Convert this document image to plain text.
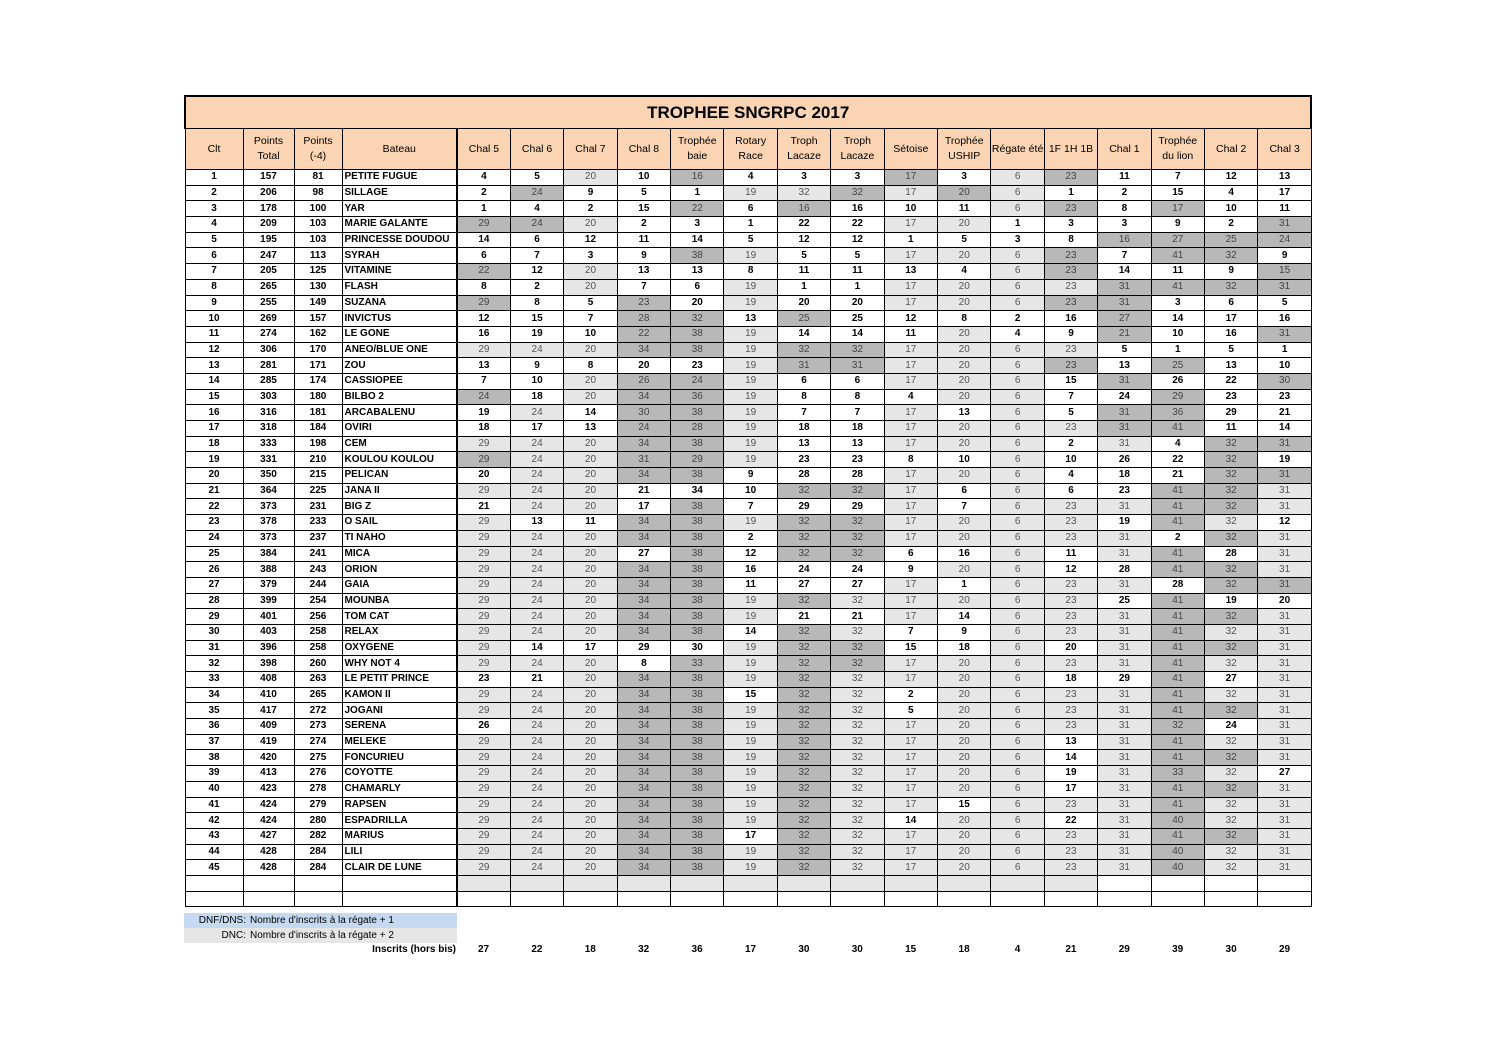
TROPHEE SNGRPC 2017																			
Clt	Points Total	Points (-4)	Bateau	Chal 5	Chal 6	Chal 7	Chal 8	Trophée baie	Rotary Race	Troph Lacaze	Troph Lacaze	Sétoise	Trophée USHIP	Régate été	1F 1H 1B	Chal 1	Trophée du lion	Chal 2	Chal 3
1	157	81	PETITE FUGUE	4	5	20	10	16	4	3	3	17	3	6	23	11	7	12	13
2	206	98	SILLAGE	2	24	9	5	1	19	32	32	17	20	6	1	2	15	4	17
3	178	100	YAR	1	4	2	15	22	6	16	16	10	11	6	23	8	17	10	11
4	209	103	MARIE GALANTE	29	24	20	2	3	1	22	22	17	20	1	3	3	9	2	31
5	195	103	PRINCESSE DOUDOU	14	6	12	11	14	5	12	12	1	5	3	8	16	27	25	24
6	247	113	SYRAH	6	7	3	9	38	19	5	5	17	20	6	23	7	41	32	9
7	205	125	VITAMINE	22	12	20	13	13	8	11	11	13	4	6	23	14	11	9	15
8	265	130	FLASH	8	2	20	7	6	19	1	1	17	20	6	23	31	41	32	31
9	255	149	SUZANA	29	8	5	23	20	19	20	20	17	20	6	23	31	3	6	5
10	269	157	INVICTUS	12	15	7	28	32	13	25	25	12	8	2	16	27	14	17	16
11	274	162	LE GONE	16	19	10	22	38	19	14	14	11	20	4	9	21	10	16	31
12	306	170	ANEO/BLUE ONE	29	24	20	34	38	19	32	32	17	20	6	23	5	1	5	1
13	281	171	ZOU	13	9	8	20	23	19	31	31	17	20	6	23	13	25	13	10
14	285	174	CASSIOPEE	7	10	20	26	24	19	6	6	17	20	6	15	31	26	22	30
15	303	180	BILBO 2	24	18	20	34	36	19	8	8	4	20	6	7	24	29	23	23
16	316	181	ARCABALENU	19	24	14	30	38	19	7	7	17	13	6	5	31	36	29	21
17	318	184	OVIRI	18	17	13	24	28	19	18	18	17	20	6	23	31	41	11	14
18	333	198	CEM	29	24	20	34	38	19	13	13	17	20	6	2	31	4	32	31
19	331	210	KOULOU KOULOU	29	24	20	31	29	19	23	23	8	10	6	10	26	22	32	19
20	350	215	PELICAN	20	24	20	34	38	9	28	28	17	20	6	4	18	21	32	31
21	364	225	JANA II	29	24	20	21	34	10	32	32	17	6	6	6	23	41	32	31
22	373	231	BIG Z	21	24	20	17	38	7	29	29	17	7	6	23	31	41	32	31
23	378	233	O SAIL	29	13	11	34	38	19	32	32	17	20	6	23	19	41	32	12
24	373	237	TI NAHO	29	24	20	34	38	2	32	32	17	20	6	23	31	2	32	31
25	384	241	MICA	29	24	20	27	38	12	32	32	6	16	6	11	31	41	28	31
26	388	243	ORION	29	24	20	34	38	16	24	24	9	20	6	12	28	41	32	31
27	379	244	GAIA	29	24	20	34	38	11	27	27	17	1	6	23	31	28	32	31
28	399	254	MOUNBA	29	24	20	34	38	19	32	32	17	20	6	23	25	41	19	20
29	401	256	TOM CAT	29	24	20	34	38	19	21	21	17	14	6	23	31	41	32	31
30	403	258	RELAX	29	24	20	34	38	14	32	32	7	9	6	23	31	41	32	31
31	396	258	OXYGENE	29	14	17	29	30	19	32	32	15	18	6	20	31	41	32	31
32	398	260	WHY NOT 4	29	24	20	8	33	19	32	32	17	20	6	23	31	41	32	31
33	408	263	LE PETIT PRINCE	23	21	20	34	38	19	32	32	17	20	6	18	29	41	27	31
34	410	265	KAMON II	29	24	20	34	38	15	32	32	2	20	6	23	31	41	32	31
35	417	272	JOGANI	29	24	20	34	38	19	32	32	5	20	6	23	31	41	32	31
36	409	273	SERENA	26	24	20	34	38	19	32	32	17	20	6	23	31	32	24	31
37	419	274	MELEKE	29	24	20	34	38	19	32	32	17	20	6	13	31	41	32	31
38	420	275	FONCURIEU	29	24	20	34	38	19	32	32	17	20	6	14	31	41	32	31
39	413	276	COYOTTE	29	24	20	34	38	19	32	32	17	20	6	19	31	33	32	27
40	423	278	CHAMARLY	29	24	20	34	38	19	32	32	17	20	6	17	31	41	32	31
41	424	279	RAPSEN	29	24	20	34	38	19	32	32	17	15	6	23	31	41	32	31
42	424	280	ESPADRILLA	29	24	20	34	38	19	32	32	14	20	6	22	31	40	32	31
43	427	282	MARIUS	29	24	20	34	38	17	32	32	17	20	6	23	31	41	32	31
44	428	284	LILI	29	24	20	34	38	19	32	32	17	20	6	23	31	40	32	31
45	428	284	CLAIR DE LUNE	29	24	20	34	38	19	32	32	17	20	6	23	31	40	32	31

DNF/DNS: Nombre d'inscrits à la régate + 1
DNC: Nombre d'inscrits à la régate + 2
Inscrits (hors bis)	27	22	18	32	36	17	30	30	15	18	4	21	29	39	30	29
